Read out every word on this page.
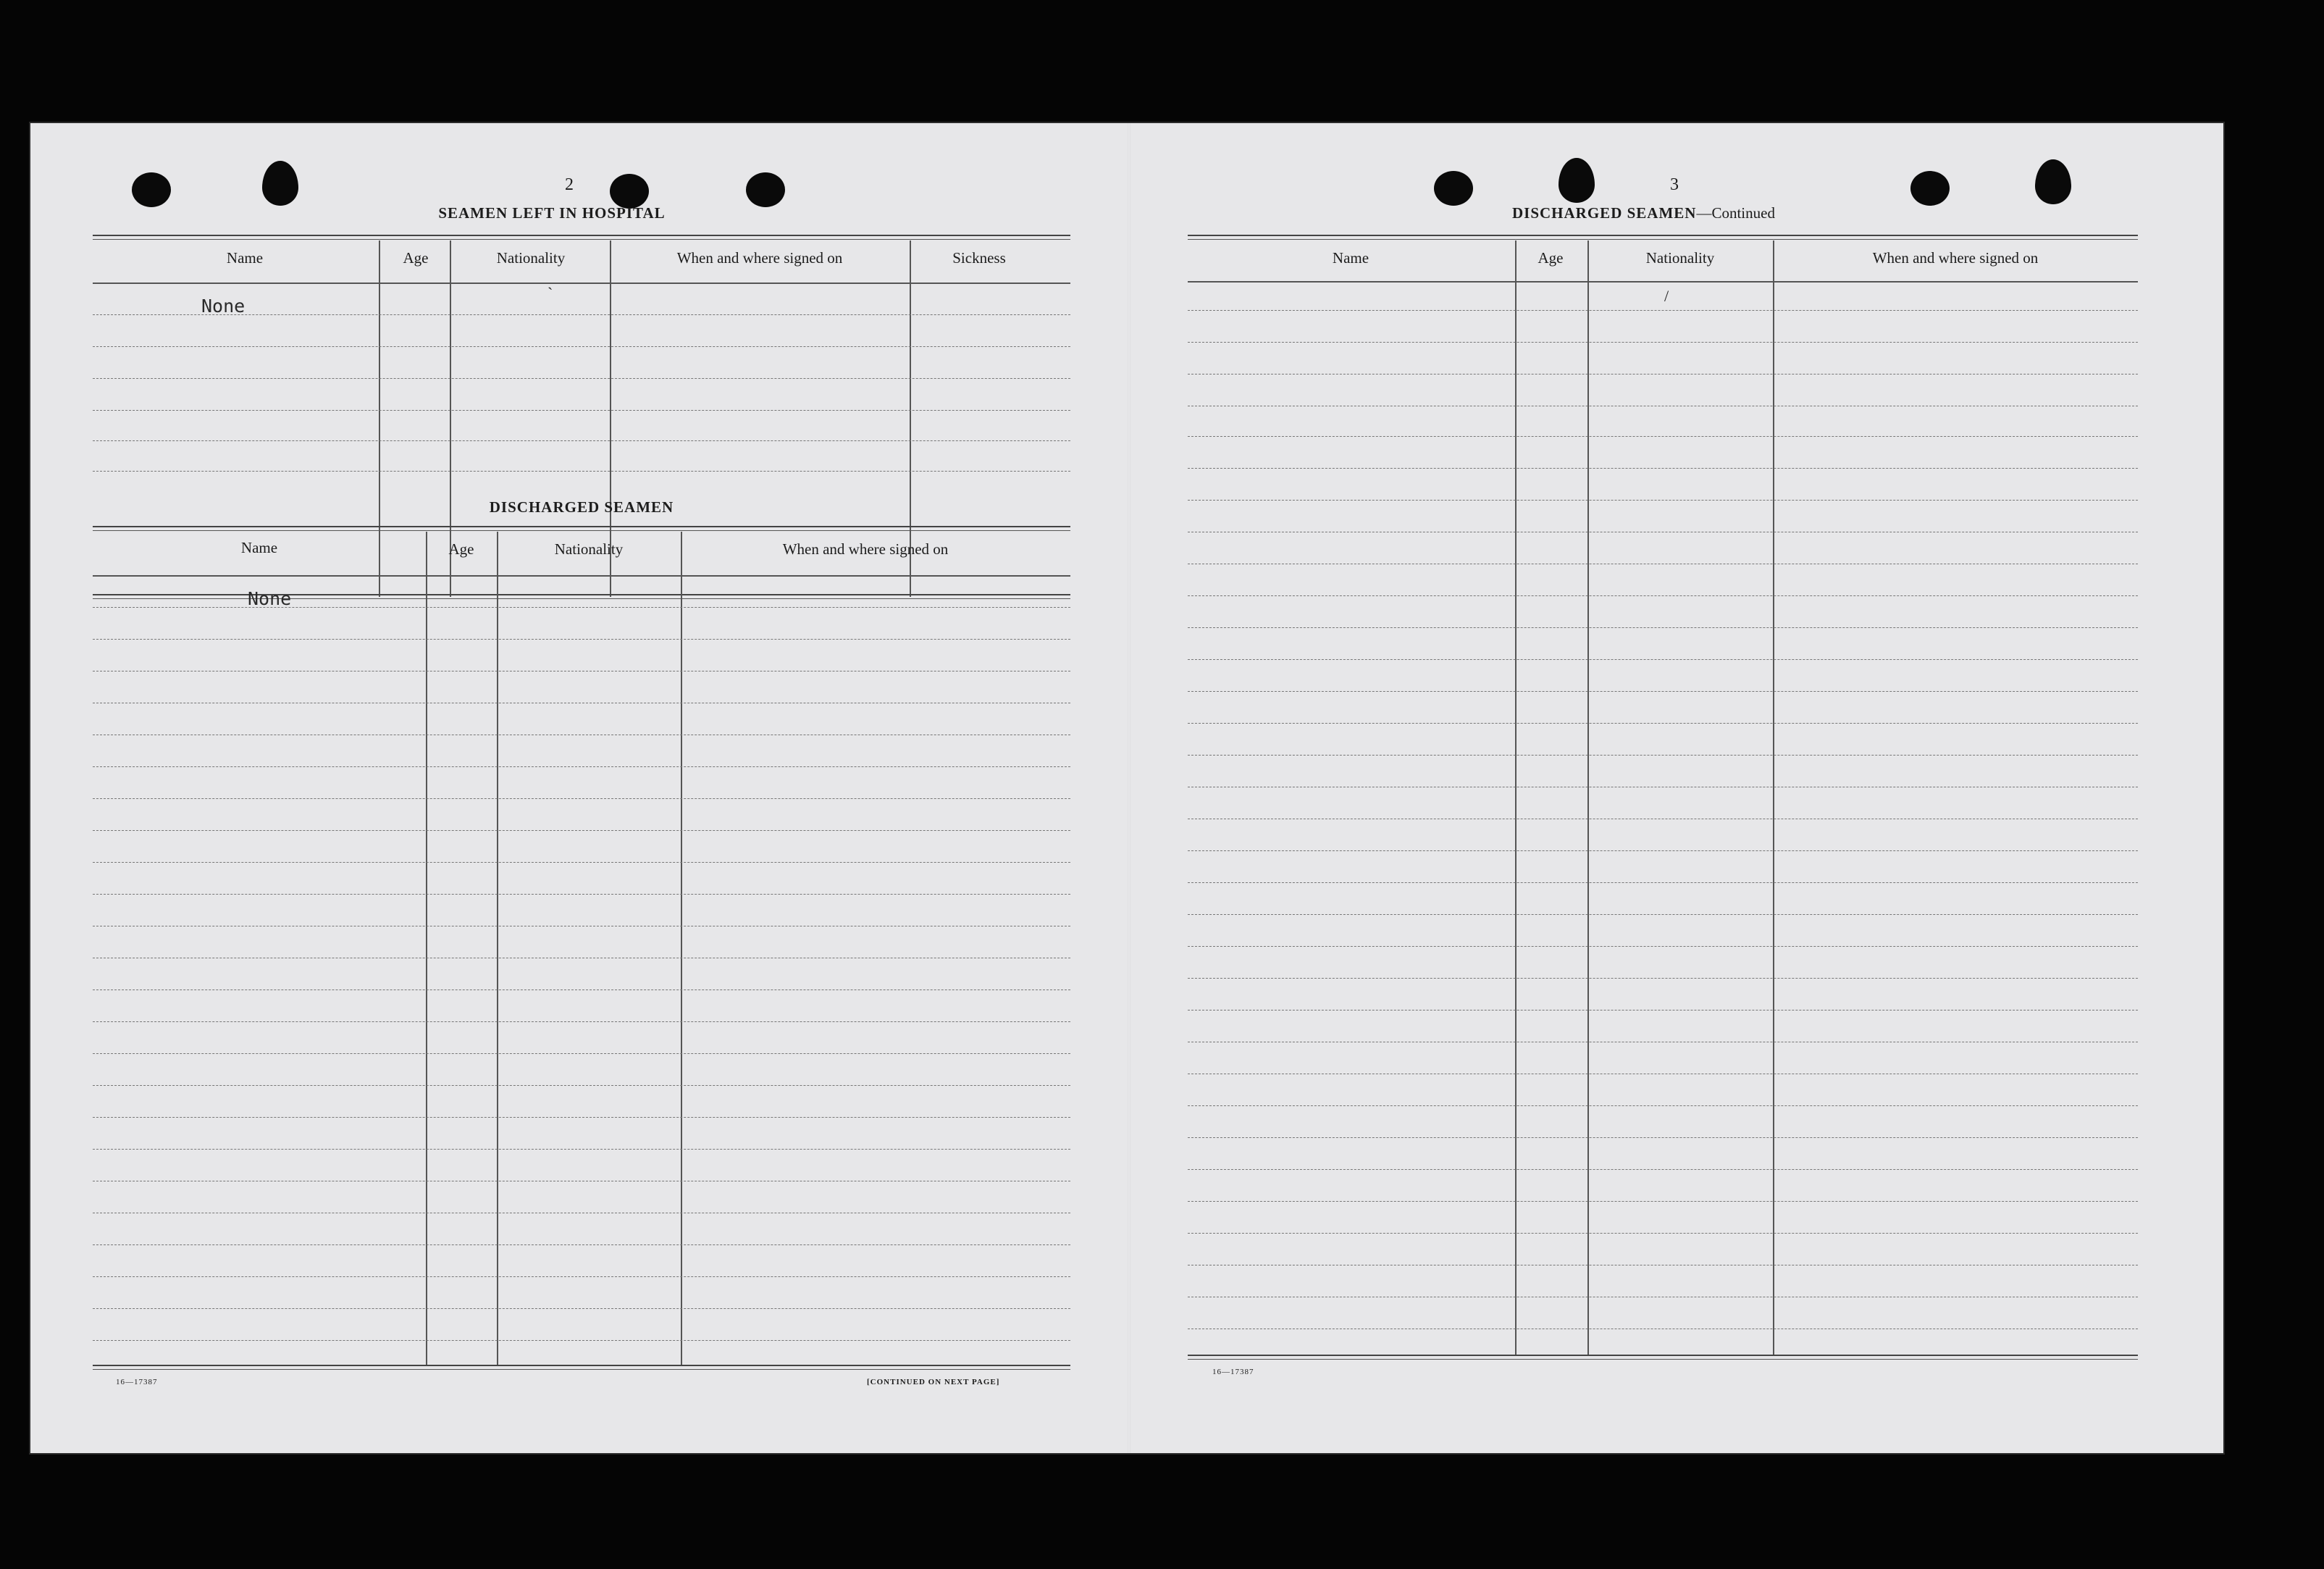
2
SEAMEN LEFT IN HOSPITAL
Name	Age	Nationality	When and where signed on	Sickness
None
`
DISCHARGED SEAMEN
Name	Age	Nationality	When and where signed on
None
16—17387	[CONTINUED ON NEXT PAGE]
3
DISCHARGED SEAMEN—Continued
Name	Age	Nationality	When and where signed on
/
16—17387
